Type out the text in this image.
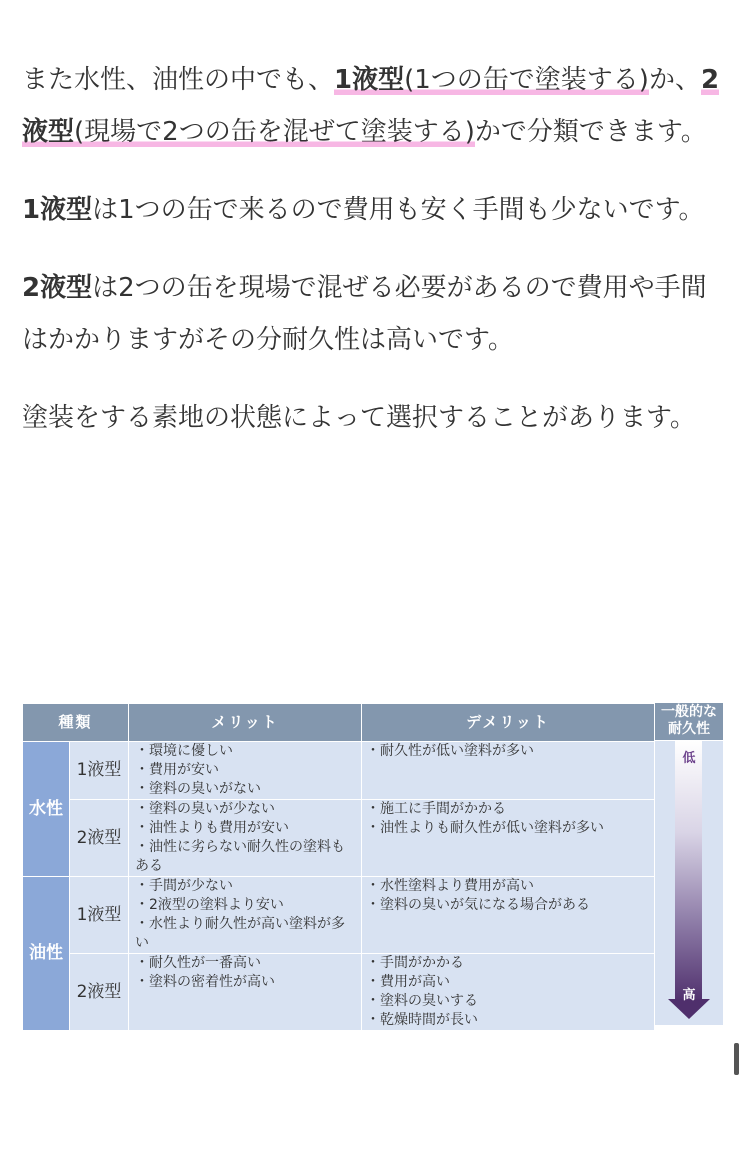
また水性、油性の中でも、1液型(1つの缶で塗装する)か、2液型(現場で2つの缶を混ぜて塗装する)かで分類できます。

1液型は1つの缶で来るので費用も安く手間も少ないです。

2液型は2つの缶を現場で混ぜる必要があるので費用や手間はかかりますがその分耐久性は高いです。

塗装をする素地の状態によって選択することがあります。

種類		メリット	デメリット
水性	1液型	・環境に優しい
・費用が安い
・塗料の臭いがない	・耐久性が低い塗料が多い

	2液型	・塗料の臭いが少ない
・油性よりも費用が安い
・油性に劣らない耐久性の塗料もある	・施工に手間がかかる
・油性よりも耐久性が低い塗料が多い

油性	1液型	・手間が少ない
・2液型の塗料より安い
・水性より耐久性が高い塗料が多い	・水性塗料より費用が高い
・塗料の臭いが気になる場合がある

	2液型	・耐久性が一番高い
・塗料の密着性が高い	・手間がかかる
・費用が高い
・塗料の臭いする
・乾燥時間が長い
一般的な
耐久性
低
高
